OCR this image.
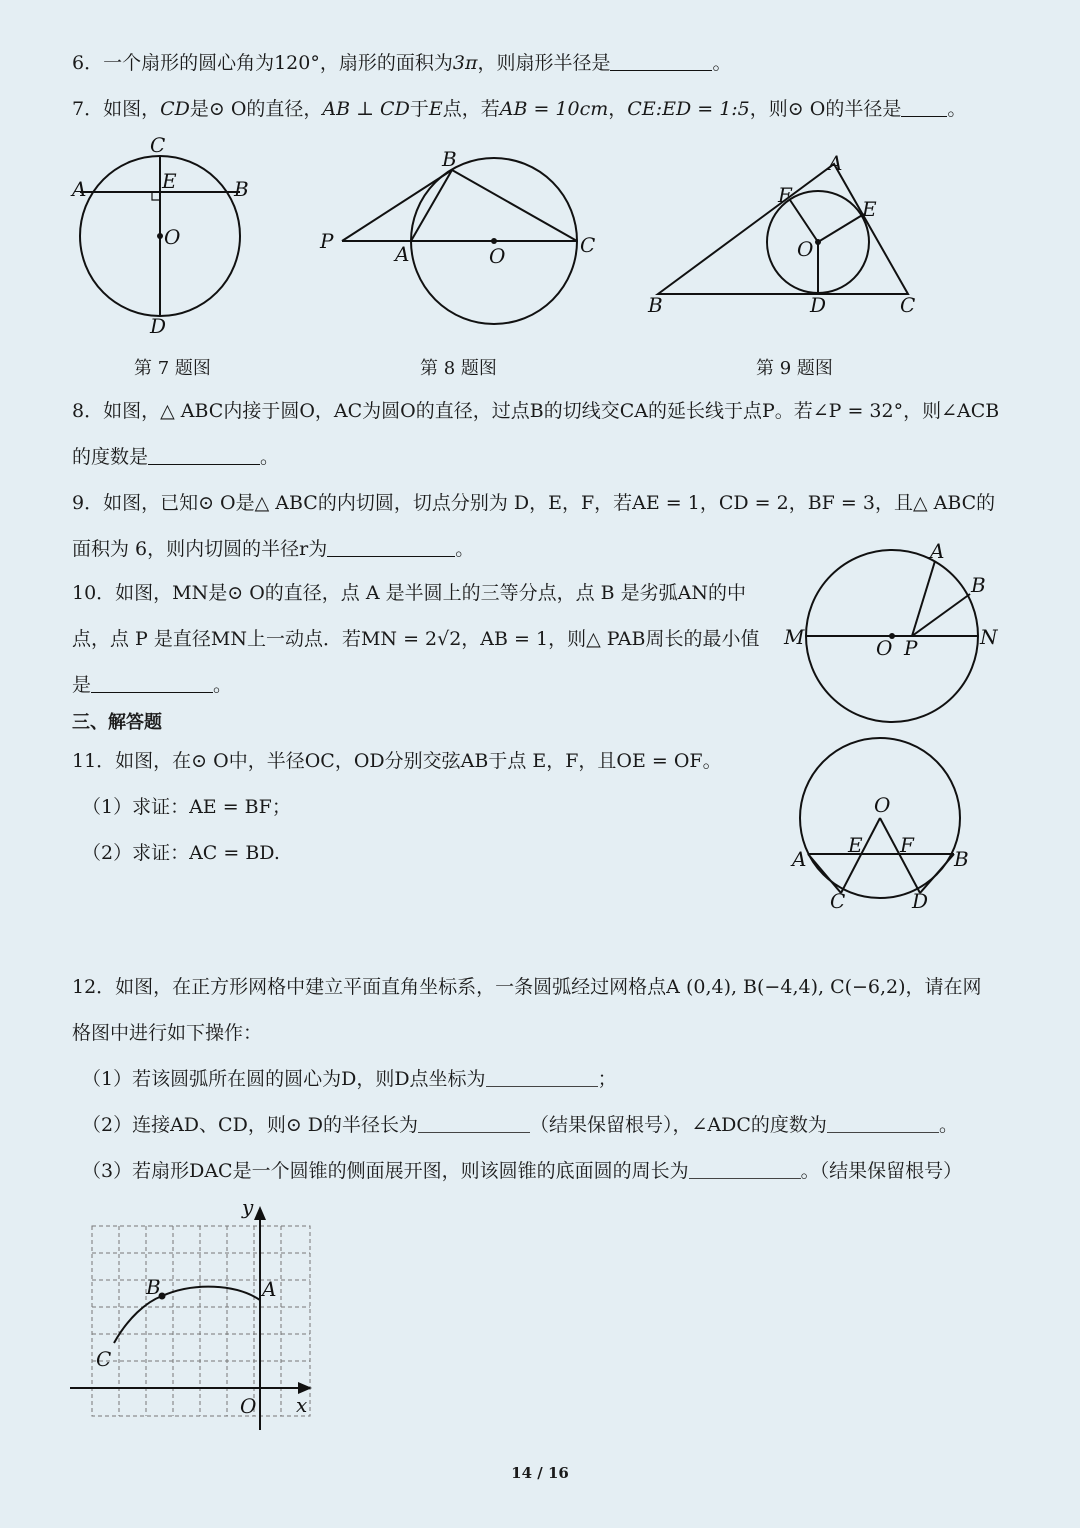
6．一个扇形的圆心角为120°，扇形的面积为3π，则扇形半径是	。
7．如图，CD是⊙ O的直径，AB ⊥ CD于E点，若AB = 10cm，CE:ED = 1:5，则⊙ O的半径是 。
A	B
C
D
E
O
B
P
A	O	C
A
B	C
D
E
F
O
第 7 题图	第 8 题图	第 9 题图
8．如图，△ ABC内接于圆O，AC为圆O的直径，过点B的切线交CA的延长线于点P。若∠P = 32°，则∠ACB
的度数是	。
9．如图，已知⊙ O是△ ABC的内切圆，切点分别为 D，E，F，若AE = 1，CD = 2，BF = 3，且△ ABC的
面积为 6，则内切圆的半径r为	。
10．如图，MN是⊙ O的直径，点 A 是半圆上的三等分点，点 B 是劣弧AN的中
点，点 P 是直径MN上一动点．若MN = 2√2，AB = 1，则△ PAB周长的最小值
是	。
A
B
M	N
O P
三、解答题
11．如图，在⊙ O中，半径OC，OD分别交弦AB于点 E，F，且OE = OF。
（1）求证：AE = BF；
（2）求证：AC = BD.
O
E F
A	B
C	D
12．如图，在正方形网格中建立平面直角坐标系，一条圆弧经过网格点A (0,4), B(−4,4), C(−6,2)，请在网
格图中进行如下操作：
（1）若该圆弧所在圆的圆心为D，则D点坐标为	；
（2）连接AD、CD，则⊙ D的半径长为	（结果保留根号），∠ADC的度数为	。
（3）若扇形DAC是一个圆锥的侧面展开图，则该圆锥的底面圆的周长为	。（结果保留根号）
B	A
C
O x
y
14 / 16
